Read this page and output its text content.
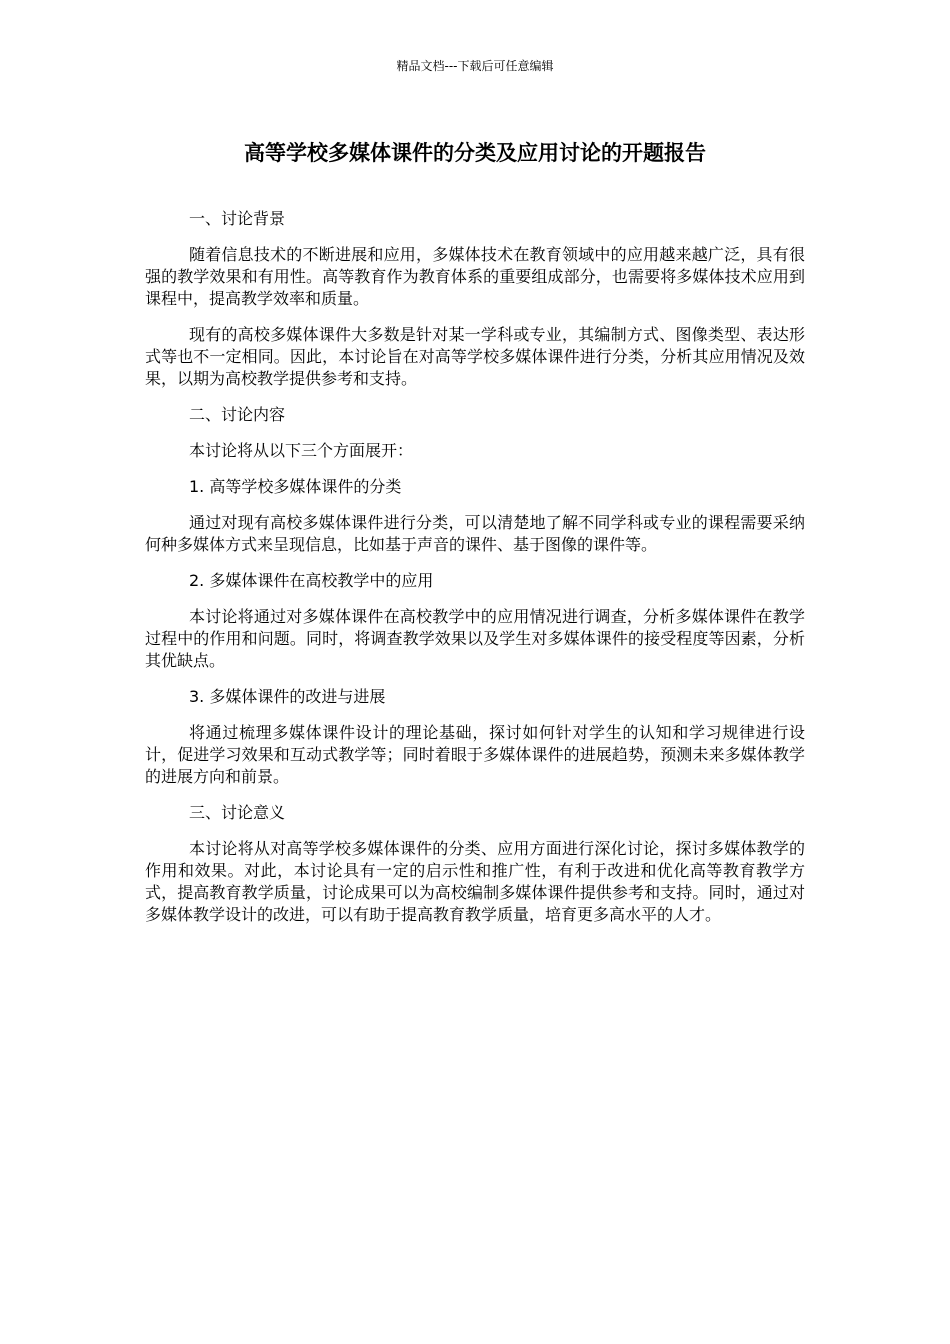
精品文档---下载后可任意编辑
高等学校多媒体课件的分类及应用讨论的开题报告

一、讨论背景

随着信息技术的不断进展和应用，多媒体技术在教育领域中的应用越来越广泛，具有很强的教学效果和有用性。高等教育作为教育体系的重要组成部分，也需要将多媒体技术应用到课程中，提高教学效率和质量。

现有的高校多媒体课件大多数是针对某一学科或专业，其编制方式、图像类型、表达形式等也不一定相同。因此，本讨论旨在对高等学校多媒体课件进行分类，分析其应用情况及效果，以期为高校教学提供参考和支持。

二、讨论内容

本讨论将从以下三个方面展开：

1. 高等学校多媒体课件的分类

通过对现有高校多媒体课件进行分类，可以清楚地了解不同学科或专业的课程需要采纳何种多媒体方式来呈现信息，比如基于声音的课件、基于图像的课件等。

2. 多媒体课件在高校教学中的应用

本讨论将通过对多媒体课件在高校教学中的应用情况进行调查，分析多媒体课件在教学过程中的作用和问题。同时，将调查教学效果以及学生对多媒体课件的接受程度等因素，分析其优缺点。

3. 多媒体课件的改进与进展

将通过梳理多媒体课件设计的理论基础，探讨如何针对学生的认知和学习规律进行设计，促进学习效果和互动式教学等；同时着眼于多媒体课件的进展趋势，预测未来多媒体教学的进展方向和前景。

三、讨论意义

本讨论将从对高等学校多媒体课件的分类、应用方面进行深化讨论，探讨多媒体教学的作用和效果。对此，本讨论具有一定的启示性和推广性，有利于改进和优化高等教育教学方式，提高教育教学质量，讨论成果可以为高校编制多媒体课件提供参考和支持。同时，通过对多媒体教学设计的改进，可以有助于提高教育教学质量，培育更多高水平的人才。
